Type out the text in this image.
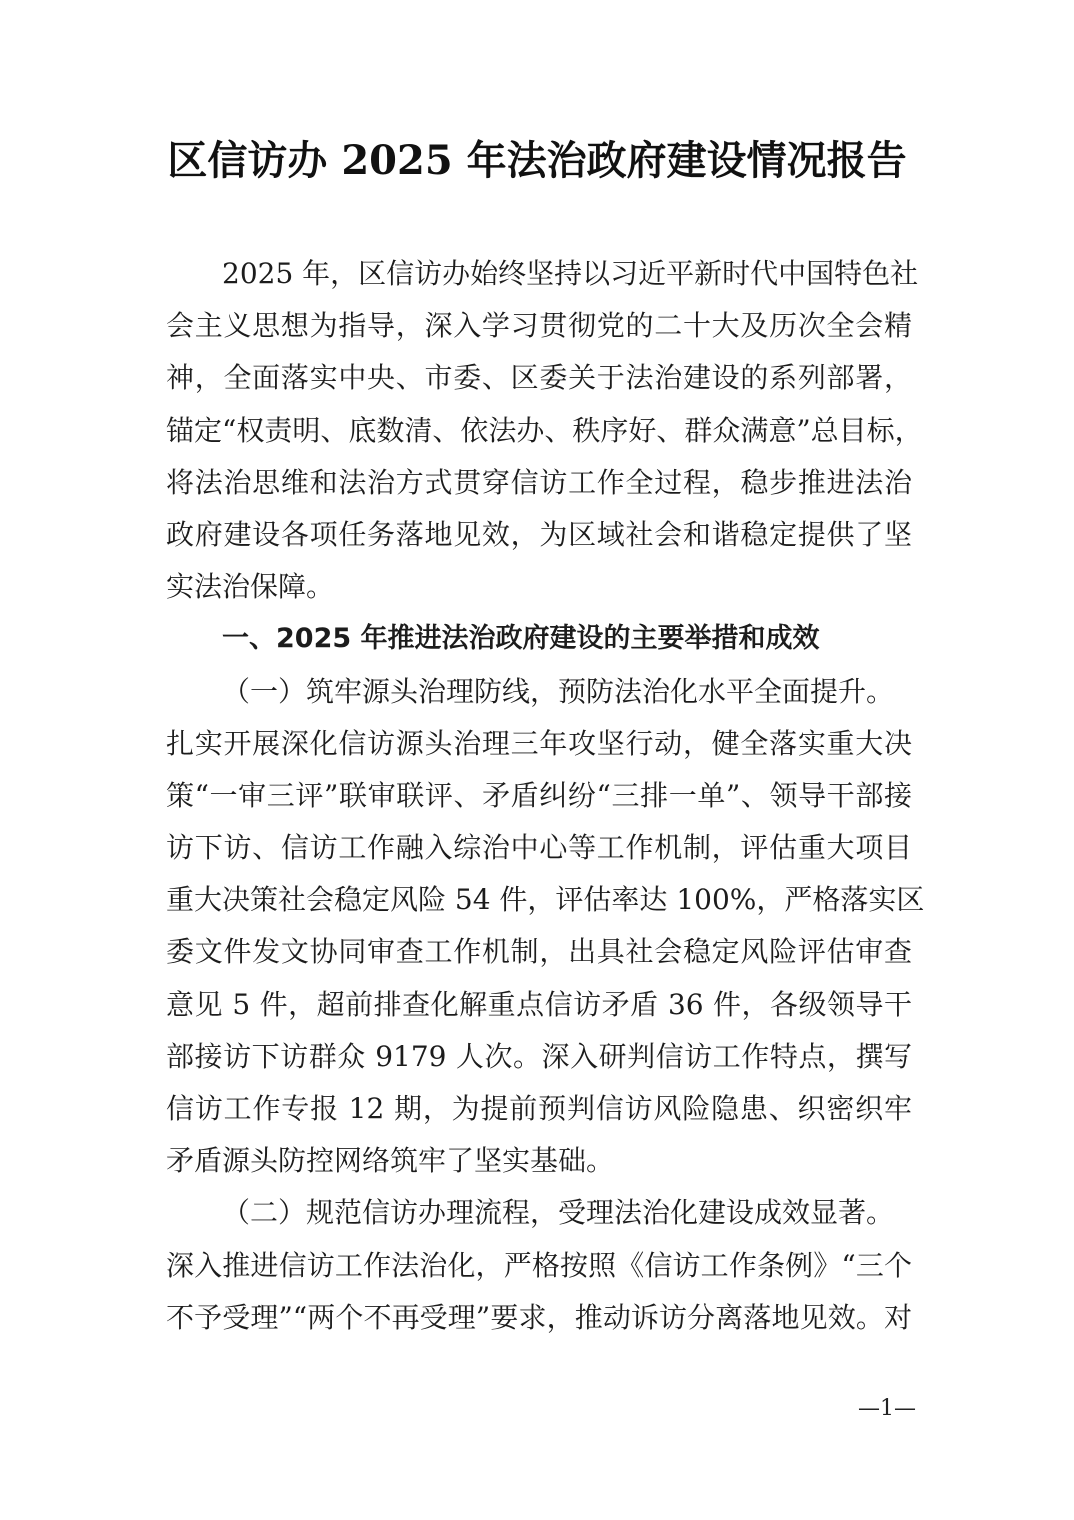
区信访办 2025 年法治政府建设情况报告
2025 年，区信访办始终坚持以习近平新时代中国特色社
会主义思想为指导，深入学习贯彻党的二十大及历次全会精
神，全面落实中央、市委、区委关于法治建设的系列部署，
锚定“权责明、底数清、依法办、秩序好、群众满意”总目标，
将法治思维和法治方式贯穿信访工作全过程，稳步推进法治
政府建设各项任务落地见效，为区域社会和谐稳定提供了坚
实法治保障。
一、2025 年推进法治政府建设的主要举措和成效
（一）筑牢源头治理防线，预防法治化水平全面提升。
扎实开展深化信访源头治理三年攻坚行动，健全落实重大决
策“一审三评”联审联评、矛盾纠纷“三排一单”、领导干部接
访下访、信访工作融入综治中心等工作机制，评估重大项目
重大决策社会稳定风险 54 件，评估率达 100%，严格落实区
委文件发文协同审查工作机制，出具社会稳定风险评估审查
意见 5 件，超前排查化解重点信访矛盾 36 件，各级领导干
部接访下访群众 9179 人次。深入研判信访工作特点，撰写
信访工作专报 12 期，为提前预判信访风险隐患、织密织牢
矛盾源头防控网络筑牢了坚实基础。
（二）规范信访办理流程，受理法治化建设成效显著。
深入推进信访工作法治化，严格按照《信访工作条例》“三个
不予受理”“两个不再受理”要求，推动诉访分离落地见效。对
—1—
